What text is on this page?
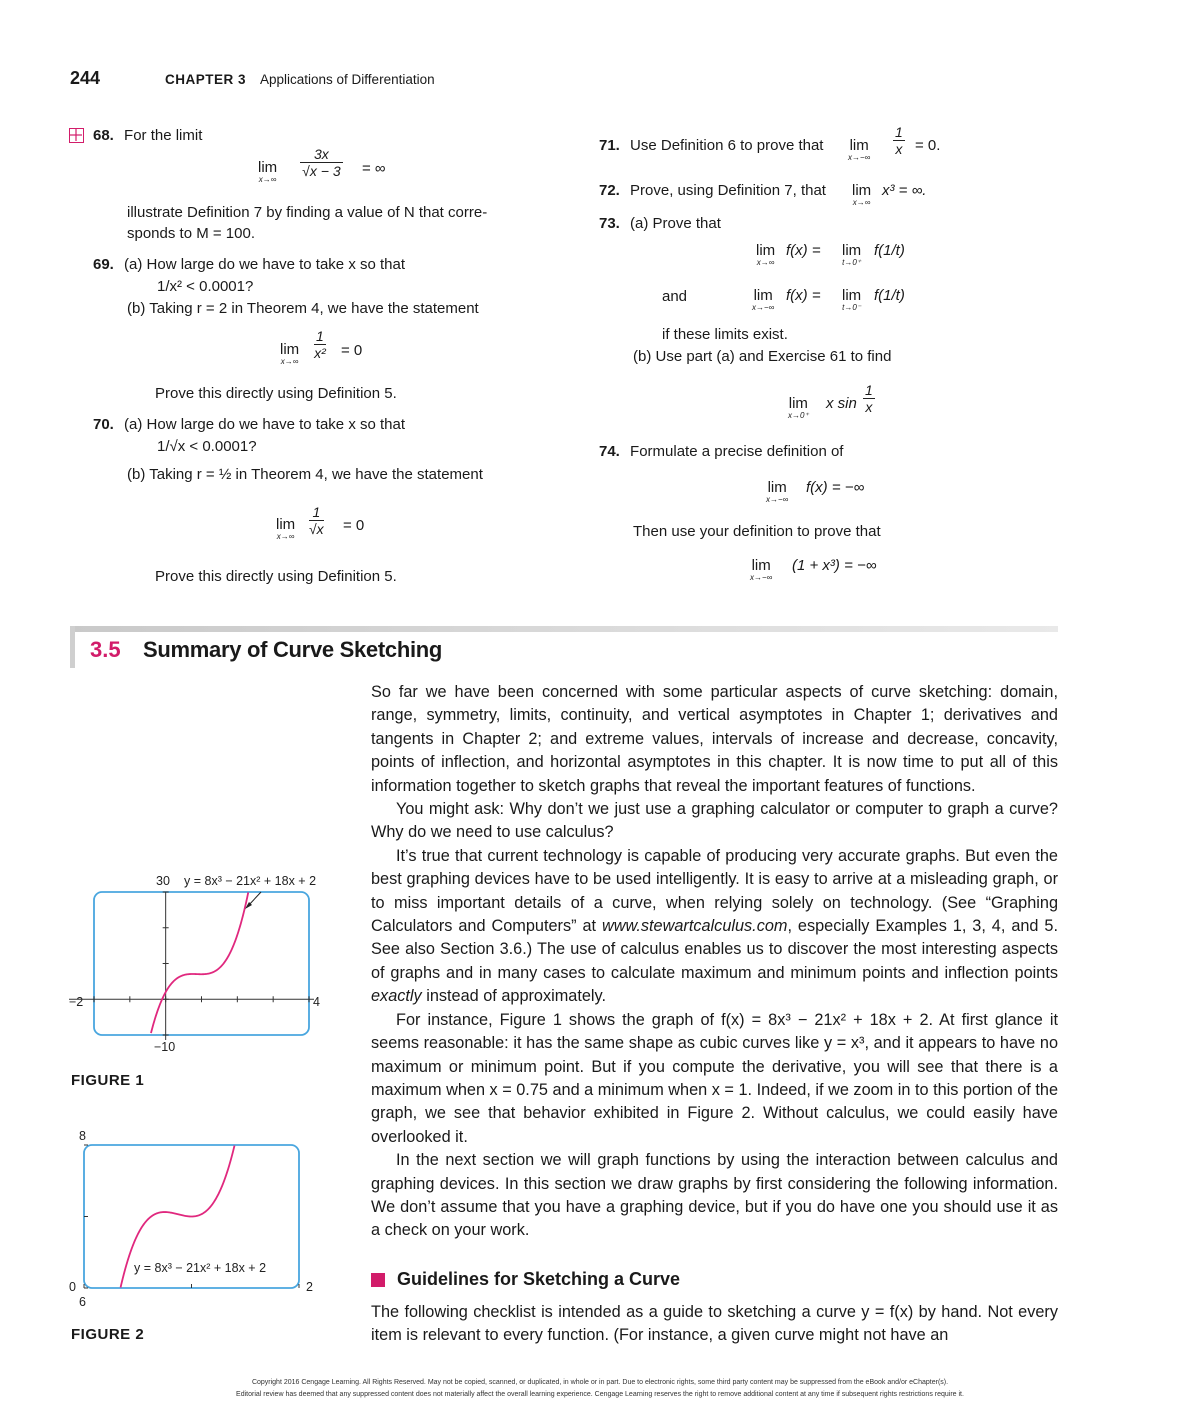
244	CHAPTER 3 Applications of Differentiation
68. For the limit
lim
x→∞
$\frac{3x}{√x - 3}$ = ∞
illustrate Definition 7 by finding a value of N that corre-
sponds to M = 100.
69. (a) How large do we have to take x so that
1/x² < 0.0001?
(b) Taking r = 2 in Theorem 4, we have the statement
lim
x→∞
$\frac{1}{\text{x²}} = 0$
Prove this directly using Definition 5.
70. (a) How large do we have to take x so that
1/√x < 0.0001?
(b) Taking r = ½ in Theorem 4, we have the statement
lim
$x\to\infty \frac{1}{√x} = 0$
Prove this directly using Definition 5.
71. Use Definition 6 to prove that lim
x→−∞
$\frac{1}{x} = 0$.
72. Prove, using Definition 7, that lim
x→∞
x³ = ∞.
73. (a) Prove that
lim
x→∞
f(x) = lim
t→0⁺
f(1/t)
and	lim
x→−∞
f(x) = lim
t→0⁻
f(1/t)
if these limits exist.
(b) Use part (a) and Exercise 61 to find
lim
x→0⁺
x $\sin \frac{1}{x}$
74. Formulate a precise definition of
lim
x→−∞
f(x) = −∞
Then use your definition to prove that
lim
x→−∞
(1 + x³) = −∞
3.5 Summary of Curve Sketching

So far we have been concerned with some particular aspects of curve sketching: domain, range, symmetry, limits, continuity, and vertical asymptotes in Chapter 1; derivatives and tangents in Chapter 2; and extreme values, intervals of increase and decrease, concavity, points of inflection, and horizontal asymptotes in this chapter. It is now time to put all of this information together to sketch graphs that reveal the important features of functions.

You might ask: Why don’t we just use a graphing calculator or computer to graph a curve? Why do we need to use calculus?

It’s true that current technology is capable of producing very accurate graphs. But even the best graphing devices have to be used intelligently. It is easy to arrive at a misleading graph, or to miss important details of a curve, when relying solely on technology. (See “Graphing Calculators and Computers” at www.stewartcalculus.com, especially Examples 1, 3, 4, and 5. See also Section 3.6.) The use of calculus enables us to discover the most interesting aspects of graphs and in many cases to calculate maximum and minimum points and inflection points exactly instead of approximately.

For instance, Figure 1 shows the graph of f(x) = 8x³ − 21x² + 18x + 2. At first glance it seems reasonable: it has the same shape as cubic curves like y = x³, and it appears to have no maximum or minimum point. But if you compute the derivative, you will see that there is a maximum when x = 0.75 and a minimum when x = 1. Indeed, if we zoom in to this portion of the graph, we see that behavior exhibited in Figure 2. Without calculus, we could easily have overlooked it.

In the next section we will graph functions by using the interaction between calculus and graphing devices. In this section we draw graphs by first considering the following information. We don’t assume that you have a graphing device, but if you do have one you should use it as a check on your work.

Guidelines for Sketching a Curve
The following checklist is intended as a guide to sketching a curve y = f(x) by hand. Not every item is relevant to every function. (For instance, a given curve might not have an
y = 8x³ − 21x² + 18x + 2
30
−10
−2	4
FIGURE 1
8
6
0	2
y = 8x³ − 21x² + 18x + 2
FIGURE 2
Copyright 2016 Cengage Learning. All Rights Reserved. May not be copied, scanned, or duplicated, in whole or in part. Due to electronic rights, some third party content may be suppressed from the eBook and/or eChapter(s).
Editorial review has deemed that any suppressed content does not materially affect the overall learning experience. Cengage Learning reserves the right to remove additional content at any time if subsequent rights restrictions require it.
